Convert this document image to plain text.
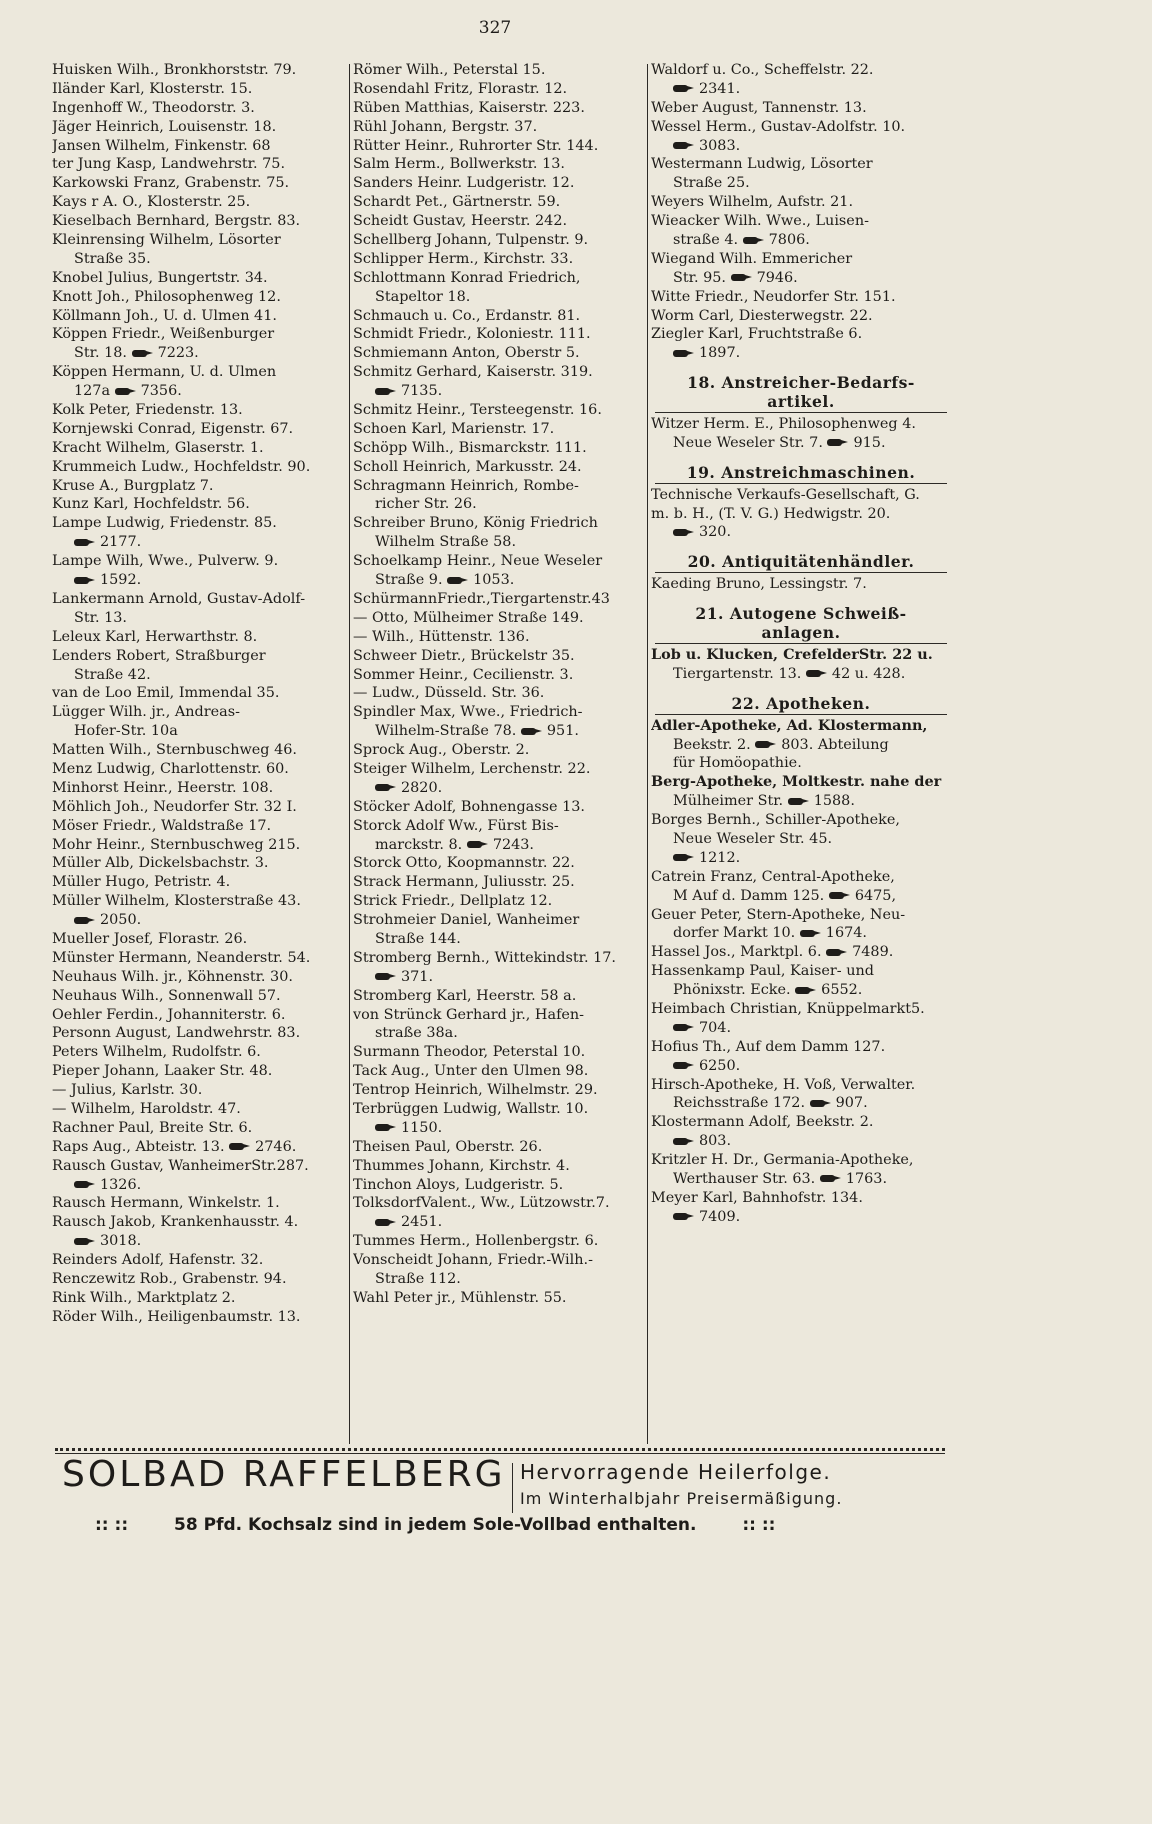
327
Huisken Wilh., Bronkhorststr. 79.
Iländer Karl, Klosterstr. 15.
Ingenhoff W., Theodorstr. 3.
Jäger Heinrich, Louisenstr. 18.
Jansen Wilhelm, Finkenstr. 68
ter Jung Kasp, Landwehrstr. 75.
Karkowski Franz, Grabenstr. 75.
Kays r A. O., Klosterstr. 25.
Kieselbach Bernhard, Bergstr. 83.
Kleinrensing Wilhelm, Lösorter
Straße 35.
Knobel Julius, Bungertstr. 34.
Knott Joh., Philosophenweg 12.
Köllmann Joh., U. d. Ulmen 41.
Köppen Friedr., Weißenburger
Str. 18. 7223.
Köppen Hermann, U. d. Ulmen
127a 7356.
Kolk Peter, Friedenstr. 13.
Kornjewski Conrad, Eigenstr. 67.
Kracht Wilhelm, Glaserstr. 1.
Krummeich Ludw., Hochfeldstr. 90.
Kruse A., Burgplatz 7.
Kunz Karl, Hochfeldstr. 56.
Lampe Ludwig, Friedenstr. 85.
2177.
Lampe Wilh, Wwe., Pulverw. 9.
1592.
Lankermann Arnold, Gustav-Adolf-
Str. 13.
Leleux Karl, Herwarthstr. 8.
Lenders Robert, Straßburger
Straße 42.
van de Loo Emil, Immendal 35.
Lügger Wilh. jr., Andreas-
Hofer-Str. 10a
Matten Wilh., Sternbuschweg 46.
Menz Ludwig, Charlottenstr. 60.
Minhorst Heinr., Heerstr. 108.
Möhlich Joh., Neudorfer Str. 32 I.
Möser Friedr., Waldstraße 17.
Mohr Heinr., Sternbuschweg 215.
Müller Alb, Dickelsbachstr. 3.
Müller Hugo, Petristr. 4.
Müller Wilhelm, Klosterstraße 43.
2050.
Mueller Josef, Florastr. 26.
Münster Hermann, Neanderstr. 54.
Neuhaus Wilh. jr., Köhnenstr. 30.
Neuhaus Wilh., Sonnenwall 57.
Oehler Ferdin., Johanniterstr. 6.
Personn August, Landwehrstr. 83.
Peters Wilhelm, Rudolfstr. 6.
Pieper Johann, Laaker Str. 48.
— Julius, Karlstr. 30.
— Wilhelm, Haroldstr. 47.
Rachner Paul, Breite Str. 6.
Raps Aug., Abteistr. 13. 2746.
Rausch Gustav, WanheimerStr.287.
1326.
Rausch Hermann, Winkelstr. 1.
Rausch Jakob, Krankenhausstr. 4.
3018.
Reinders Adolf, Hafenstr. 32.
Renczewitz Rob., Grabenstr. 94.
Rink Wilh., Marktplatz 2.
Röder Wilh., Heiligenbaumstr. 13.
Römer Wilh., Peterstal 15.
Rosendahl Fritz, Florastr. 12.
Rüben Matthias, Kaiserstr. 223.
Rühl Johann, Bergstr. 37.
Rütter Heinr., Ruhrorter Str. 144.
Salm Herm., Bollwerkstr. 13.
Sanders Heinr. Ludgeristr. 12.
Schardt Pet., Gärtnerstr. 59.
Scheidt Gustav, Heerstr. 242.
Schellberg Johann, Tulpenstr. 9.
Schlipper Herm., Kirchstr. 33.
Schlottmann Konrad Friedrich,
Stapeltor 18.
Schmauch u. Co., Erdanstr. 81.
Schmidt Friedr., Koloniestr. 111.
Schmiemann Anton, Oberstr 5.
Schmitz Gerhard, Kaiserstr. 319.
7135.
Schmitz Heinr., Tersteegenstr. 16.
Schoen Karl, Marienstr. 17.
Schöpp Wilh., Bismarckstr. 111.
Scholl Heinrich, Markusstr. 24.
Schragmann Heinrich, Rombe-
richer Str. 26.
Schreiber Bruno, König Friedrich
Wilhelm Straße 58.
Schoelkamp Heinr., Neue Weseler
Straße 9. 1053.
SchürmannFriedr.,Tiergartenstr.43
— Otto, Mülheimer Straße 149.
— Wilh., Hüttenstr. 136.
Schweer Dietr., Brückelstr 35.
Sommer Heinr., Cecilienstr. 3.
— Ludw., Düsseld. Str. 36.
Spindler Max, Wwe., Friedrich-
Wilhelm-Straße 78. 951.
Sprock Aug., Oberstr. 2.
Steiger Wilhelm, Lerchenstr. 22.
2820.
Stöcker Adolf, Bohnengasse 13.
Storck Adolf Ww., Fürst Bis-
marckstr. 8. 7243.
Storck Otto, Koopmannstr. 22.
Strack Hermann, Juliusstr. 25.
Strick Friedr., Dellplatz 12.
Strohmeier Daniel, Wanheimer
Straße 144.
Stromberg Bernh., Wittekindstr. 17.
371.
Stromberg Karl, Heerstr. 58 a.
von Strünck Gerhard jr., Hafen-
straße 38a.
Surmann Theodor, Peterstal 10.
Tack Aug., Unter den Ulmen 98.
Tentrop Heinrich, Wilhelmstr. 29.
Terbrüggen Ludwig, Wallstr. 10.
1150.
Theisen Paul, Oberstr. 26.
Thummes Johann, Kirchstr. 4.
Tinchon Aloys, Ludgeristr. 5.
TolksdorfValent., Ww., Lützowstr.7.
2451.
Tummes Herm., Hollenbergstr. 6.
Vonscheidt Johann, Friedr.-Wilh.-
Straße 112.
Wahl Peter jr., Mühlenstr. 55.
Waldorf u. Co., Scheffelstr. 22.
2341.
Weber August, Tannenstr. 13.
Wessel Herm., Gustav-Adolfstr. 10.
3083.
Westermann Ludwig, Lösorter
Straße 25.
Weyers Wilhelm, Aufstr. 21.
Wieacker Wilh. Wwe., Luisen-
straße 4. 7806.
Wiegand Wilh. Emmericher
Str. 95. 7946.
Witte Friedr., Neudorfer Str. 151.
Worm Carl, Diesterwegstr. 22.
Ziegler Karl, Fruchtstraße 6.
1897.
18. Anstreicher-Bedarfs-
artikel.
Witzer Herm. E., Philosophenweg 4.
Neue Weseler Str. 7. 915.
19. Anstreichmaschinen.
Technische Verkaufs-Gesellschaft, G.
m. b. H., (T. V. G.) Hedwigstr. 20.
320.
20. Antiquitätenhändler.
Kaeding Bruno, Lessingstr. 7.
21. Autogene Schweiß-
anlagen.
Lob u. Klucken, CrefelderStr. 22 u.
Tiergartenstr. 13. 42 u. 428.
22. Apotheken.
Adler-Apotheke, Ad. Klostermann,
Beekstr. 2. 803. Abteilung
für Homöopathie.
Berg-Apotheke, Moltkestr. nahe der
Mülheimer Str. 1588.
Borges Bernh., Schiller-Apotheke,
Neue Weseler Str. 45.
1212.
Catrein Franz, Central-Apotheke,
M Auf d. Damm 125. 6475,
Geuer Peter, Stern-Apotheke, Neu-
dorfer Markt 10. 1674.
Hassel Jos., Marktpl. 6. 7489.
Hassenkamp Paul, Kaiser- und
Phönixstr. Ecke. 6552.
Heimbach Christian, Knüppelmarkt5.
704.
Hofius Th., Auf dem Damm 127.
6250.
Hirsch-Apotheke, H. Voß, Verwalter.
Reichsstraße 172. 907.
Klostermann Adolf, Beekstr. 2.
803.
Kritzler H. Dr., Germania-Apotheke,
Werthauser Str. 63. 1763.
Meyer Karl, Bahnhofstr. 134.
7409.
SOLBAD RAFFELBERG Hervorragende Heilerfolge.
Im Winterhalbjahr Preisermäßigung.
:: ::	58 Pfd. Kochsalz sind in jedem Sole-Vollbad enthalten.	:: ::
